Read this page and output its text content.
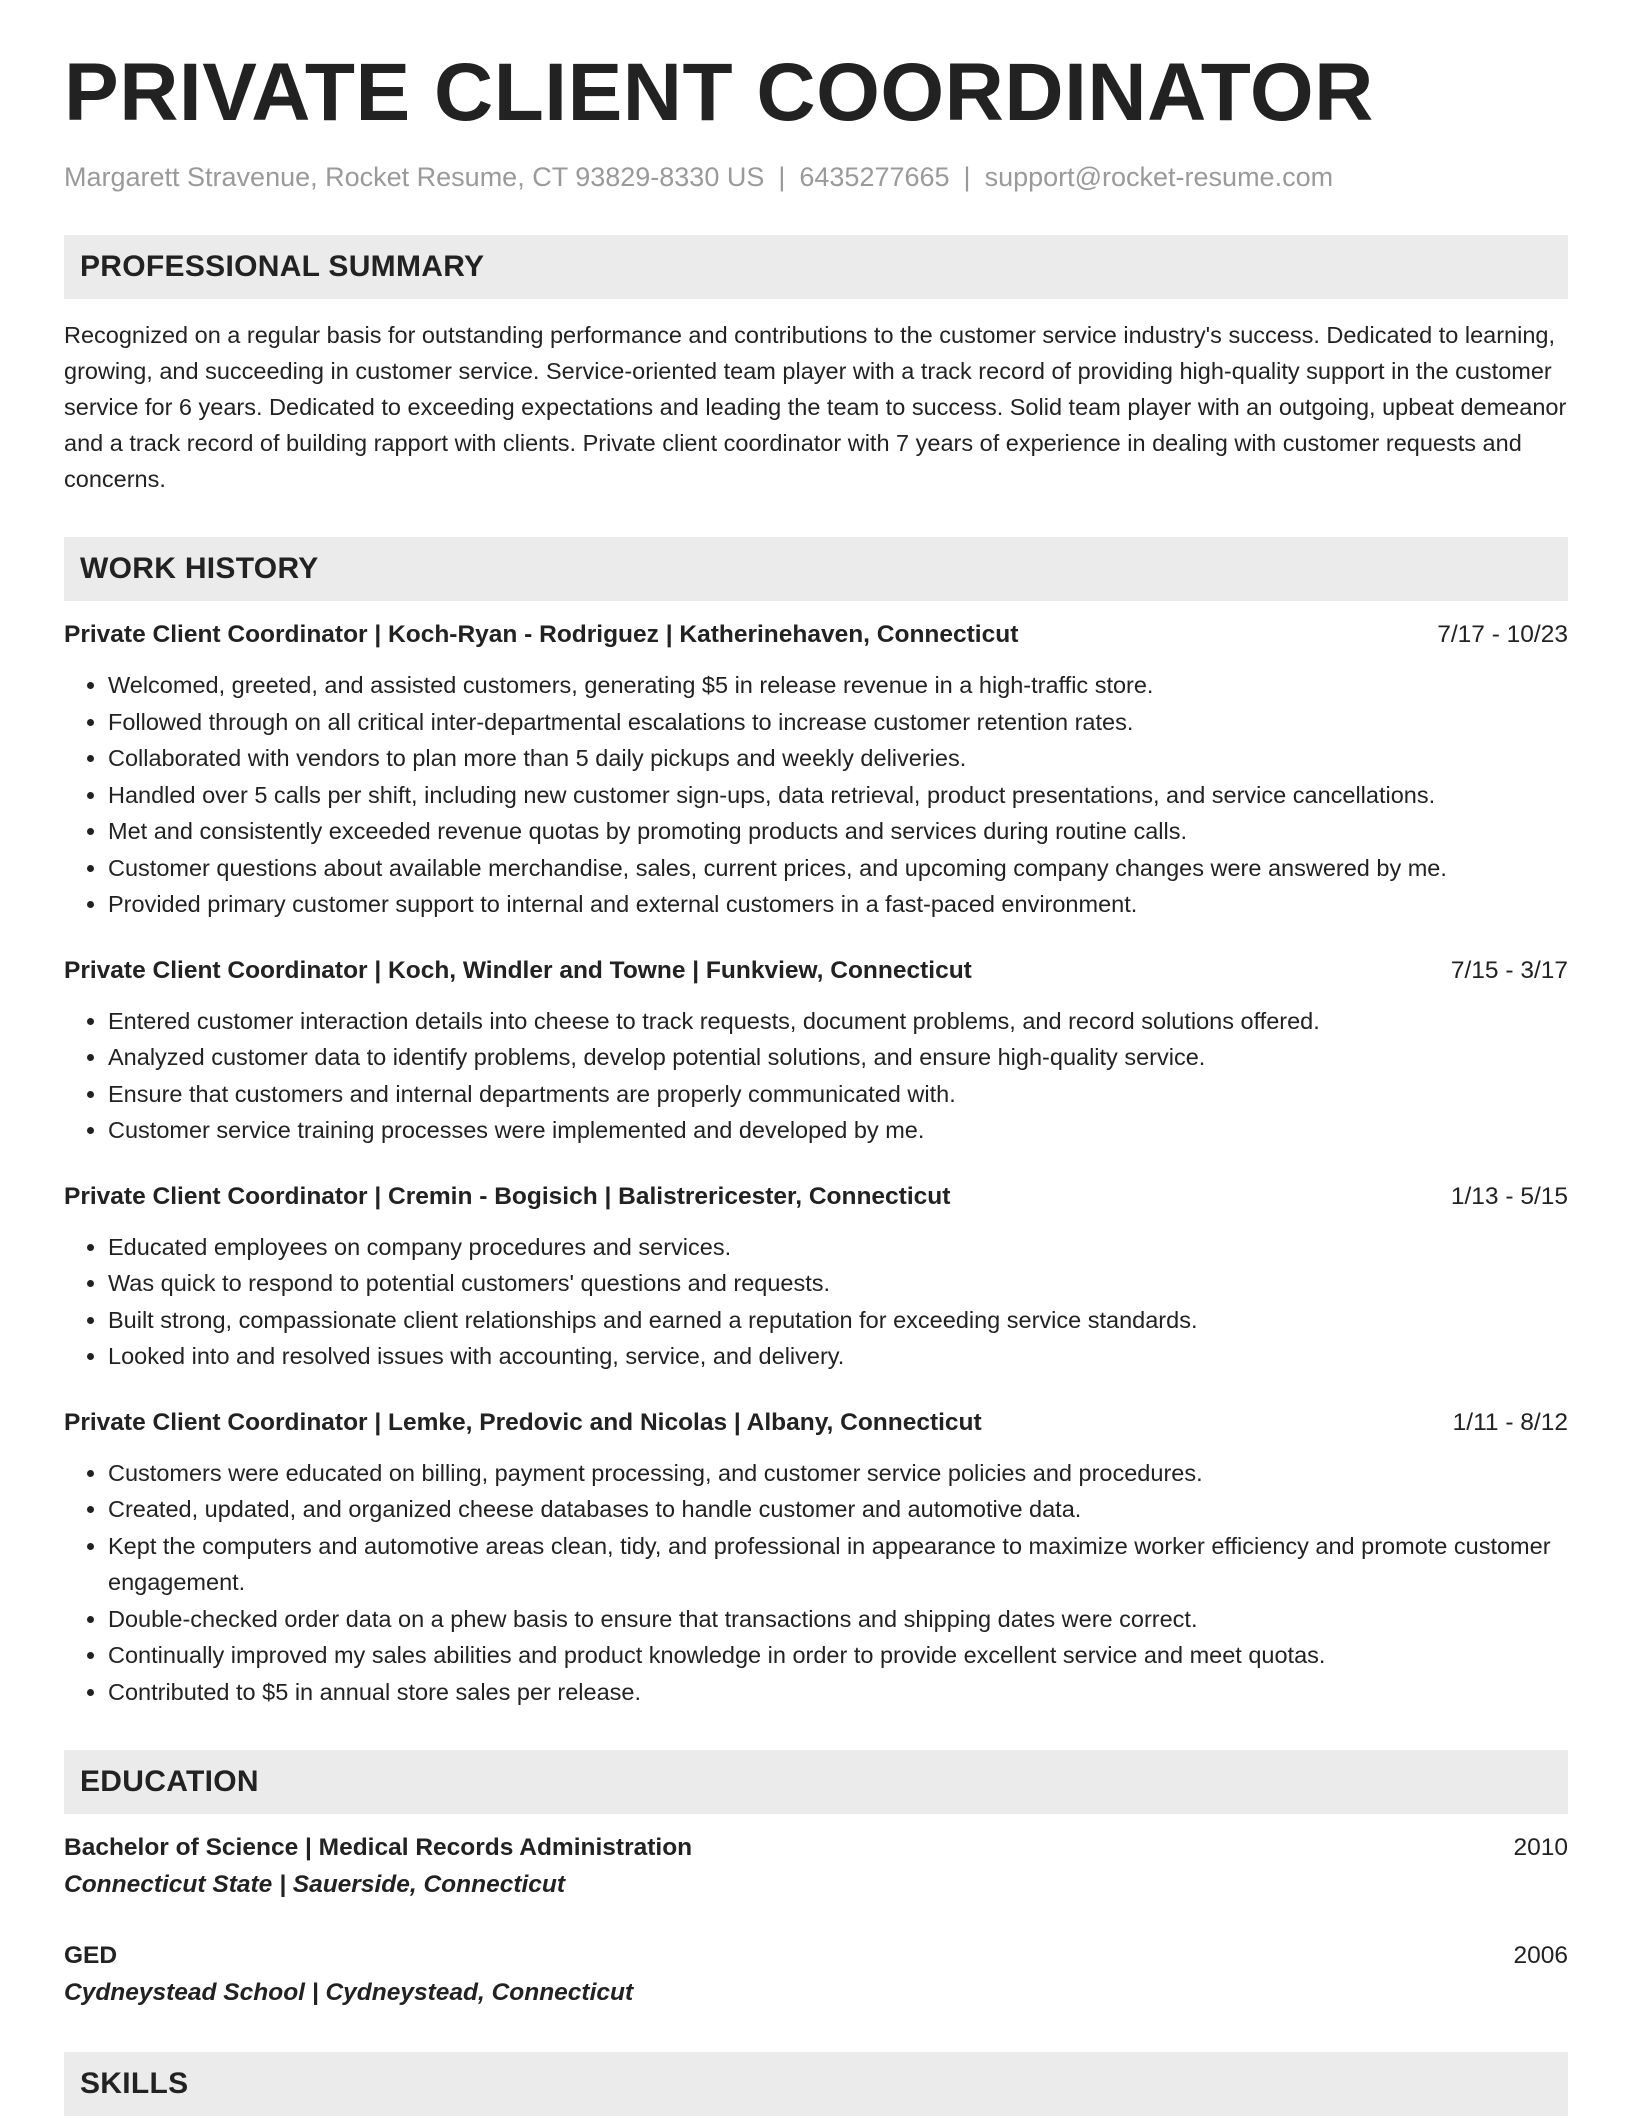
PRIVATE CLIENT COORDINATOR
Margarett Stravenue, Rocket Resume, CT 93829-8330 US | 6435277665 | support@rocket-resume.com
PROFESSIONAL SUMMARY

Recognized on a regular basis for outstanding performance and contributions to the customer service industry's success. Dedicated to learning, growing, and succeeding in customer service. Service-oriented team player with a track record of providing high-quality support in the customer service for 6 years. Dedicated to exceeding expectations and leading the team to success. Solid team player with an outgoing, upbeat demeanor and a track record of building rapport with clients. Private client coordinator with 7 years of experience in dealing with customer requests and concerns.

WORK HISTORY
Private Client Coordinator | Koch-Ryan - Rodriguez | Katherinehaven, Connecticut	7/17 - 10/23
• Welcomed, greeted, and assisted customers, generating $5 in release revenue in a high-traffic store.
• Followed through on all critical inter-departmental escalations to increase customer retention rates.
• Collaborated with vendors to plan more than 5 daily pickups and weekly deliveries.
• Handled over 5 calls per shift, including new customer sign-ups, data retrieval, product presentations, and service cancellations.
• Met and consistently exceeded revenue quotas by promoting products and services during routine calls.
• Customer questions about available merchandise, sales, current prices, and upcoming company changes were answered by me.
• Provided primary customer support to internal and external customers in a fast-paced environment.
Private Client Coordinator | Koch, Windler and Towne | Funkview, Connecticut	7/15 - 3/17
• Entered customer interaction details into cheese to track requests, document problems, and record solutions offered.
• Analyzed customer data to identify problems, develop potential solutions, and ensure high-quality service.
• Ensure that customers and internal departments are properly communicated with.
• Customer service training processes were implemented and developed by me.
Private Client Coordinator | Cremin - Bogisich | Balistrericester, Connecticut	1/13 - 5/15
• Educated employees on company procedures and services.
• Was quick to respond to potential customers' questions and requests.
• Built strong, compassionate client relationships and earned a reputation for exceeding service standards.
• Looked into and resolved issues with accounting, service, and delivery.
Private Client Coordinator | Lemke, Predovic and Nicolas | Albany, Connecticut	1/11 - 8/12
• Customers were educated on billing, payment processing, and customer service policies and procedures.
• Created, updated, and organized cheese databases to handle customer and automotive data.
• Kept the computers and automotive areas clean, tidy, and professional in appearance to maximize worker efficiency and promote customer engagement.
• Double-checked order data on a phew basis to ensure that transactions and shipping dates were correct.
• Continually improved my sales abilities and product knowledge in order to provide excellent service and meet quotas.
• Contributed to $5 in annual store sales per release.
EDUCATION
Bachelor of Science | Medical Records Administration	2010
Connecticut State | Sauerside, Connecticut
GED	2006
Cydneystead School | Cydneystead, Connecticut
SKILLS
